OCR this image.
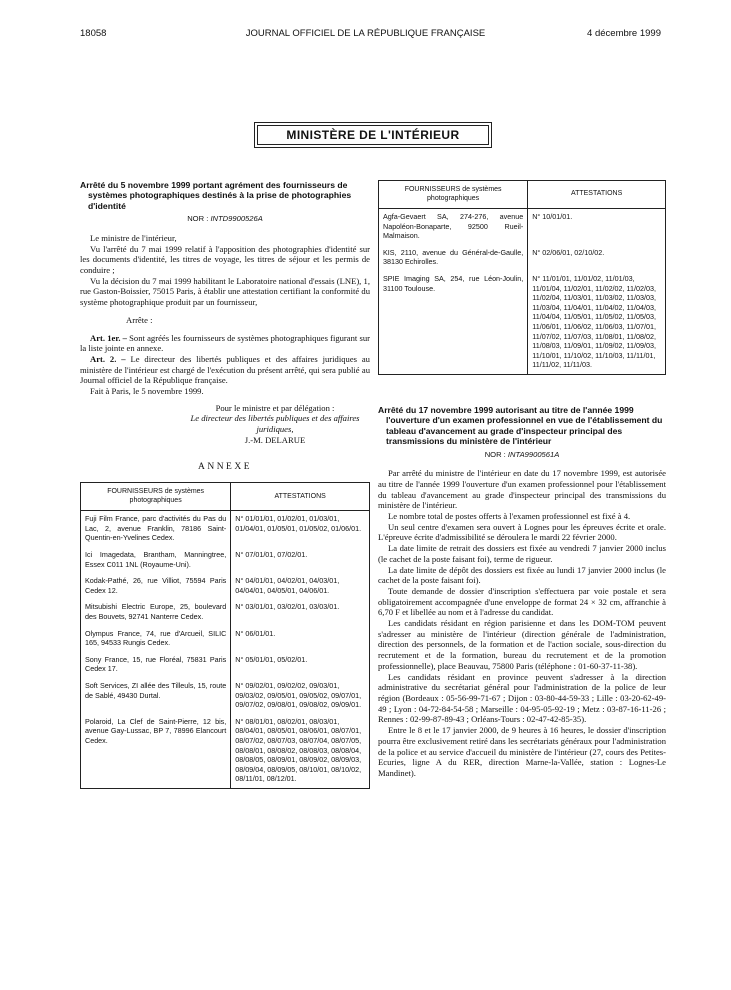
18058	JOURNAL OFFICIEL DE LA RÉPUBLIQUE FRANÇAISE	4 décembre 1999
MINISTÈRE DE L'INTÉRIEUR
Arrêté du 5 novembre 1999 portant agrément des fournisseurs de systèmes photographiques destinés à la prise de photographies d'identité
NOR : INTD9900526A

Le ministre de l'intérieur,

Vu l'arrêté du 7 mai 1999 relatif à l'apposition des photographies d'identité sur les documents d'identité, les titres de voyage, les titres de séjour et les permis de conduire ;

Vu la décision du 7 mai 1999 habilitant le Laboratoire national d'essais (LNE), 1, rue Gaston-Boissier, 75015 Paris, à établir une attestation certifiant la conformité du système photographique produit par un fournisseur,

Arrête :

Art. 1er. – Sont agréés les fournisseurs de systèmes photographiques figurant sur la liste jointe en annexe.

Art. 2. – Le directeur des libertés publiques et des affaires juridiques au ministère de l'intérieur est chargé de l'exécution du présent arrêté, qui sera publié au Journal officiel de la République française.

Fait à Paris, le 5 novembre 1999.

Pour le ministre et par délégation :
Le directeur des libertés publiques et des affaires juridiques,
J.-M. DELARUE
ANNEXE
FOURNISSEURS de systèmes photographiques	ATTESTATIONS
Fuji Film France, parc d'activités du Pas du Lac, 2, avenue Franklin, 78186 Saint-Quentin-en-Yvelines Cedex.	N° 01/01/01, 01/02/01, 01/03/01, 01/04/01, 01/05/01, 01/05/02, 01/06/01.
Ici Imagedata, Brantham, Manningtree, Essex C011 1NL (Royaume-Uni).	N° 07/01/01, 07/02/01.
Kodak-Pathé, 26, rue Villiot, 75594 Paris Cedex 12.	N° 04/01/01, 04/02/01, 04/03/01, 04/04/01, 04/05/01, 04/06/01.
Mitsubishi Electric Europe, 25, boulevard des Bouvets, 92741 Nanterre Cedex.	N° 03/01/01, 03/02/01, 03/03/01.
Olympus France, 74, rue d'Arcueil, SILIC 165, 94533 Rungis Cedex.	N° 06/01/01.
Sony France, 15, rue Floréal, 75831 Paris Cedex 17.	N° 05/01/01, 05/02/01.
Soft Services, ZI allée des Tilleuls, 15, route de Sablé, 49430 Durtal.	N° 09/02/01, 09/02/02, 09/03/01, 09/03/02, 09/05/01, 09/05/02, 09/07/01, 09/07/02, 09/08/01, 09/08/02, 09/09/01.
Polaroid, La Clef de Saint-Pierre, 12 bis, avenue Gay-Lussac, BP 7, 78996 Elancourt Cedex.	N° 08/01/01, 08/02/01, 08/03/01, 08/04/01, 08/05/01, 08/06/01, 08/07/01, 08/07/02, 08/07/03, 08/07/04, 08/07/05, 08/08/01, 08/08/02, 08/08/03, 08/08/04, 08/08/05, 08/09/01, 08/09/02, 08/09/03, 08/09/04, 08/09/05, 08/10/01, 08/10/02, 08/11/01, 08/12/01.
FOURNISSEURS de systèmes photographiques	ATTESTATIONS
Agfa-Gevaert SA, 274-276, avenue Napoléon-Bonaparte, 92500 Rueil-Malmaison.	N° 10/01/01.
KIS, 2110, avenue du Général-de-Gaulle, 38130 Echirolles.	N° 02/06/01, 02/10/02.
SPIE Imaging SA, 254, rue Léon-Joulin, 31100 Toulouse.	N° 11/01/01, 11/01/02, 11/01/03, 11/01/04, 11/02/01, 11/02/02, 11/02/03, 11/02/04, 11/03/01, 11/03/02, 11/03/03, 11/03/04, 11/04/01, 11/04/02, 11/04/03, 11/04/04, 11/05/01, 11/05/02, 11/05/03, 11/06/01, 11/06/02, 11/06/03, 11/07/01, 11/07/02, 11/07/03, 11/08/01, 11/08/02, 11/08/03, 11/09/01, 11/09/02, 11/09/03, 11/10/01, 11/10/02, 11/10/03, 11/11/01, 11/11/02, 11/11/03.
Arrêté du 17 novembre 1999 autorisant au titre de l'année 1999 l'ouverture d'un examen professionnel en vue de l'établissement du tableau d'avancement au grade d'inspecteur principal des transmissions du ministère de l'intérieur
NOR : INTA9900561A

Par arrêté du ministre de l'intérieur en date du 17 novembre 1999, est autorisée au titre de l'année 1999 l'ouverture d'un examen professionnel pour l'établissement du tableau d'avancement au grade d'inspecteur principal des transmissions du ministère de l'intérieur.

Le nombre total de postes offerts à l'examen professionnel est fixé à 4.

Un seul centre d'examen sera ouvert à Lognes pour les épreuves écrite et orale. L'épreuve écrite d'admissibilité se déroulera le mardi 22 février 2000.

La date limite de retrait des dossiers est fixée au vendredi 7 janvier 2000 inclus (le cachet de la poste faisant foi), terme de rigueur.

La date limite de dépôt des dossiers est fixée au lundi 17 janvier 2000 inclus (le cachet de la poste faisant foi).

Toute demande de dossier d'inscription s'effectuera par voie postale et sera obligatoirement accompagnée d'une enveloppe de format 24 × 32 cm, affranchie à 6,70 F et libellée au nom et à l'adresse du candidat.

Les candidats résidant en région parisienne et dans les DOM-TOM peuvent s'adresser au ministère de l'intérieur (direction générale de l'administration, direction des personnels, de la formation et de l'action sociale, sous-direction du recrutement et de la formation, bureau du recrutement et de la promotion professionnelle), place Beauvau, 75800 Paris (téléphone : 01-60-37-11-38).

Les candidats résidant en province peuvent s'adresser à la direction administrative du secrétariat général pour l'administration de la police de leur région (Bordeaux : 05-56-99-71-67 ; Dijon : 03-80-44-59-33 ; Lille : 03-20-62-49-49 ; Lyon : 04-72-84-54-58 ; Marseille : 04-95-05-92-19 ; Metz : 03-87-16-11-26 ; Rennes : 02-99-87-89-43 ; Orléans-Tours : 02-47-42-85-35).

Entre le 8 et le 17 janvier 2000, de 9 heures à 16 heures, le dossier d'inscription pourra être exclusivement retiré dans les secrétariats généraux pour l'administration de la police et au service d'accueil du ministère de l'intérieur (27, cours des Petites-Ecuries, ligne A du RER, direction Marne-la-Vallée, station : Lognes-Le Mandinet).
